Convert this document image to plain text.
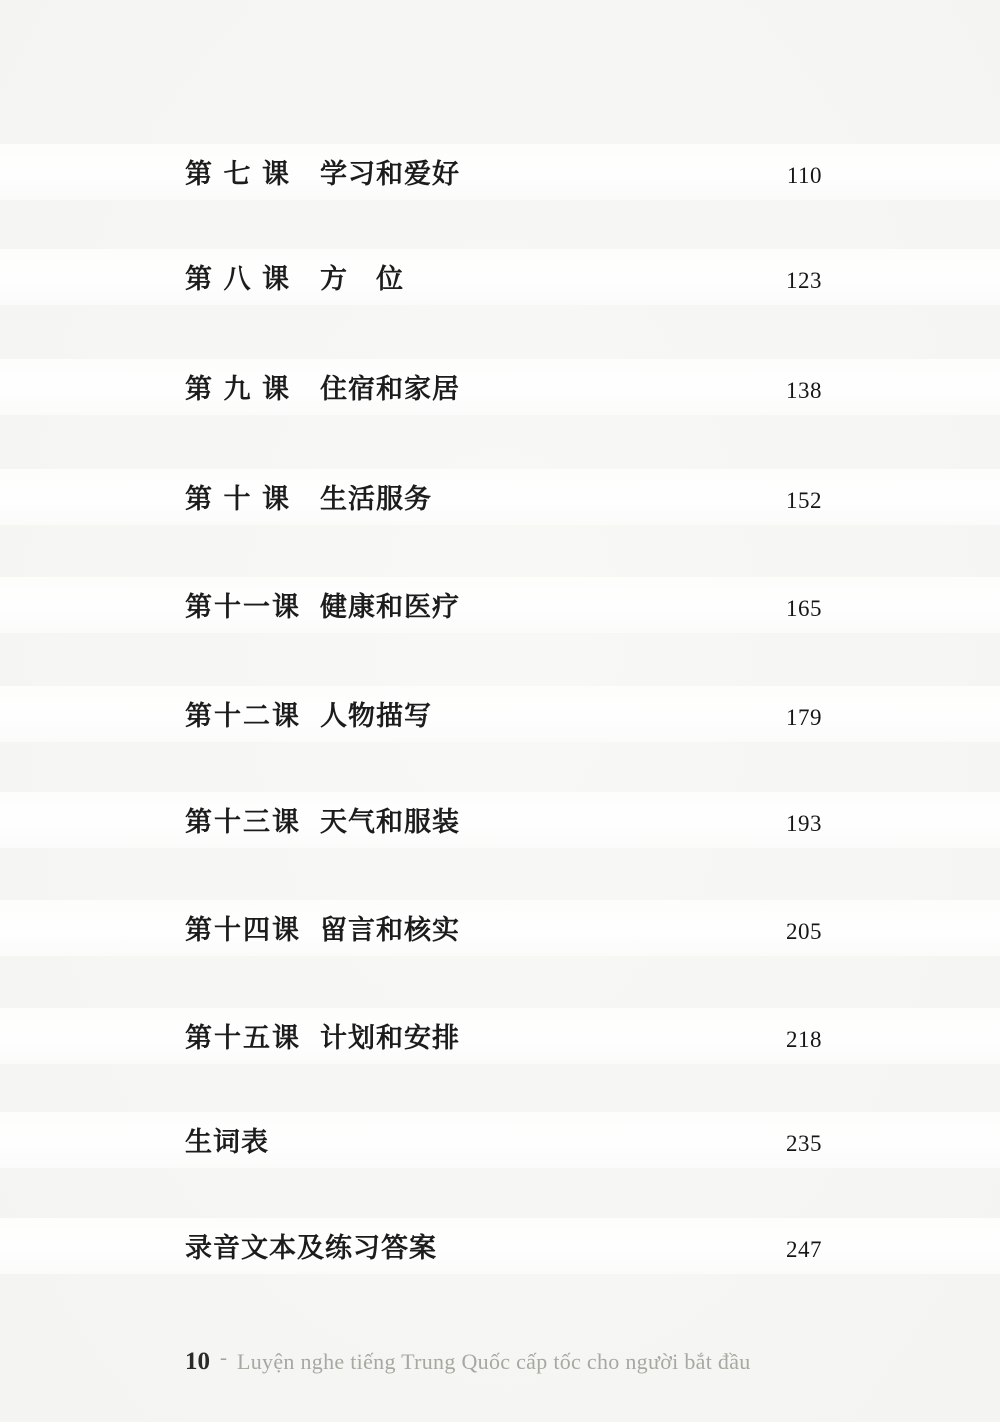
第 七 课	学习和爱好	110
第 八 课	方　位	123
第 九 课	住宿和家居	138
第 十 课	生活服务	152
第十一课 健康和医疗	165
第十二课 人物描写	179
第十三课 天气和服装	193
第十四课 留言和核实	205
第十五课 计划和安排	218
生词表	235
录音文本及练习答案	247
10 - Luyện nghe tiếng Trung Quốc cấp tốc cho người bắt đầu
